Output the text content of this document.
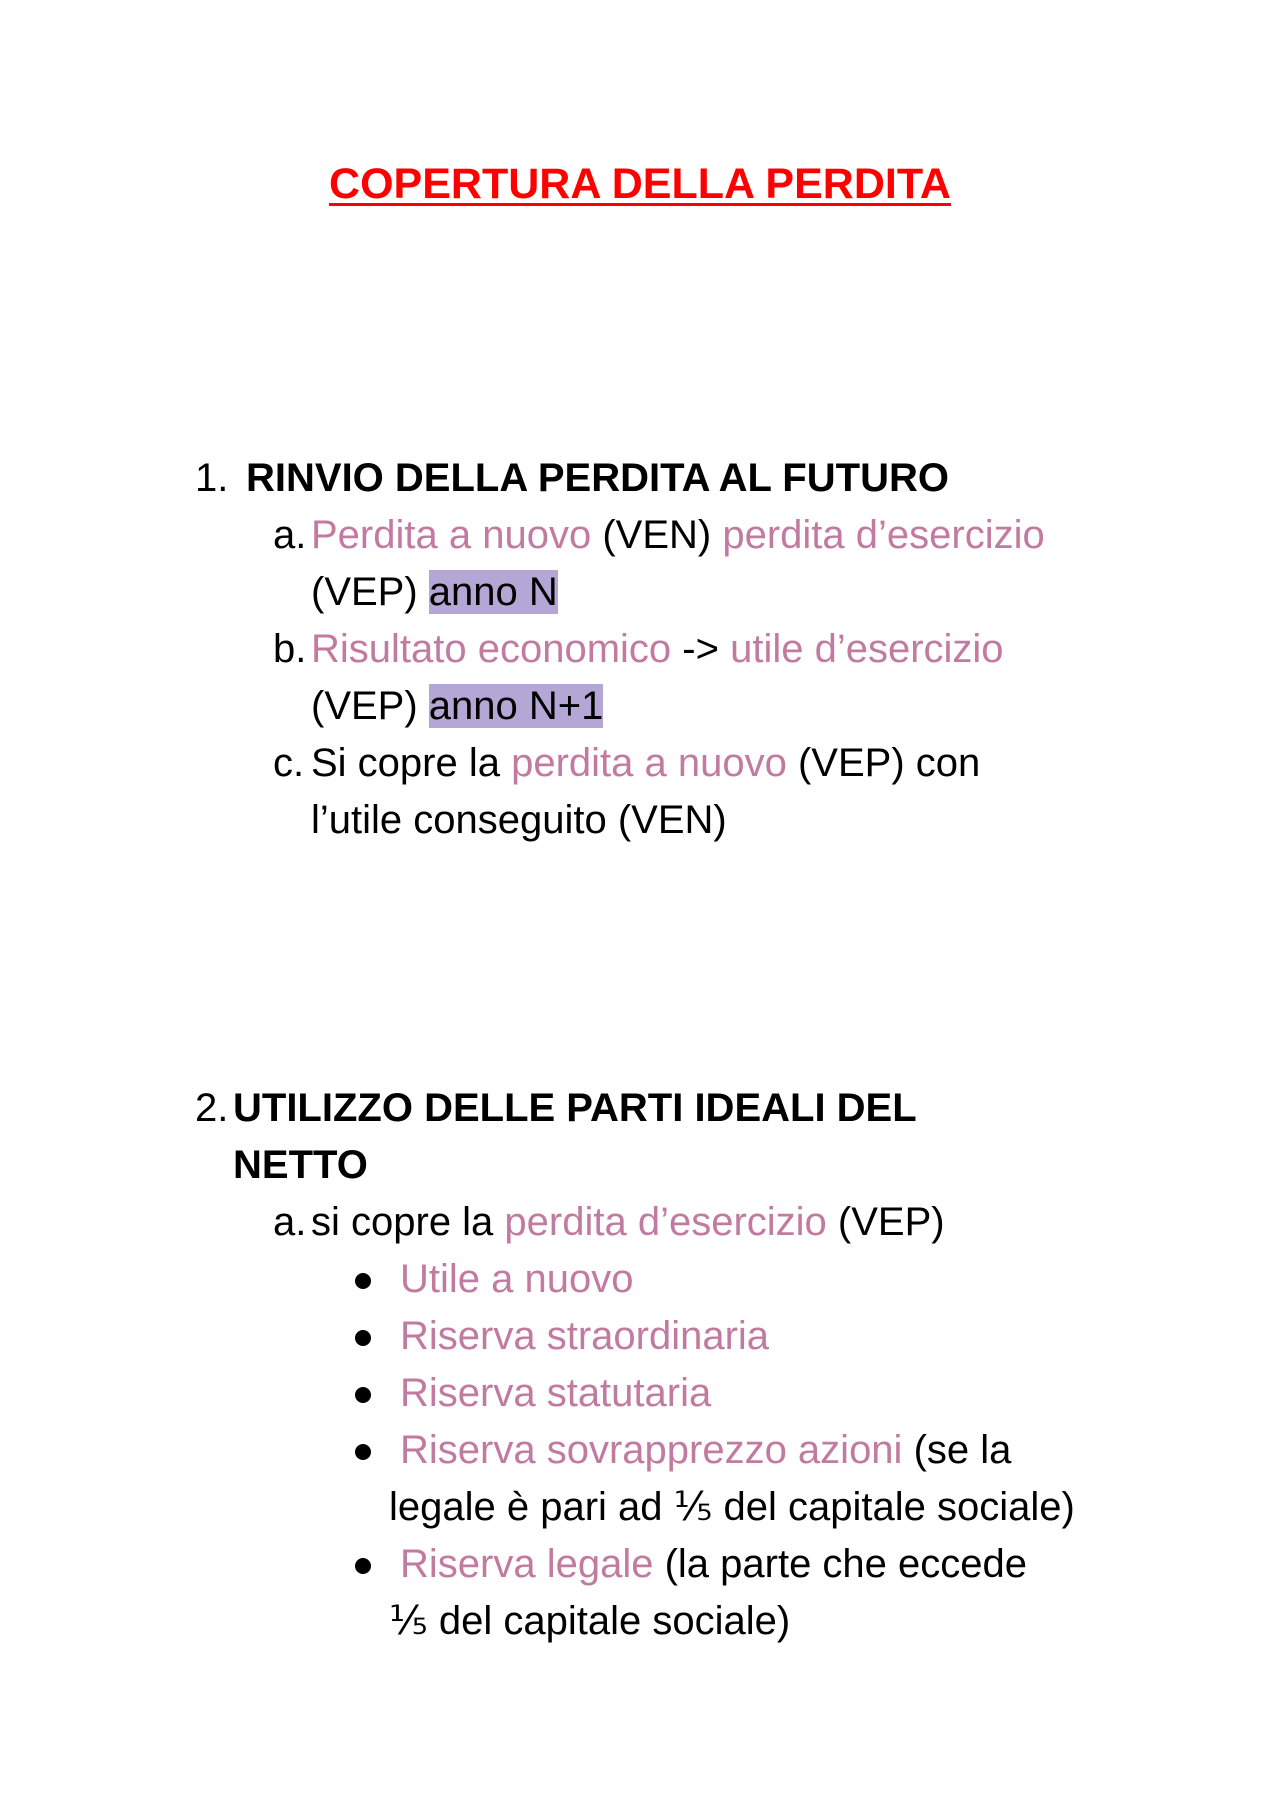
COPERTURA DELLA PERDITA
1. RINVIO DELLA PERDITA AL FUTURO
a. Perdita a nuovo (VEN) perdita d’esercizio
(VEP) anno N
b. Risultato economico -> utile d’esercizio
(VEP) anno N+1
c. Si copre la perdita a nuovo (VEP) con
l’utile conseguito (VEN)
2. UTILIZZO DELLE PARTI IDEALI DEL
NETTO
a. si copre la perdita d’esercizio (VEP)
Utile a nuovo
Riserva straordinaria
Riserva statutaria
Riserva sovrapprezzo azioni (se la
legale è pari ad ⅕ del capitale sociale)
Riserva legale (la parte che eccede
⅕ del capitale sociale)
